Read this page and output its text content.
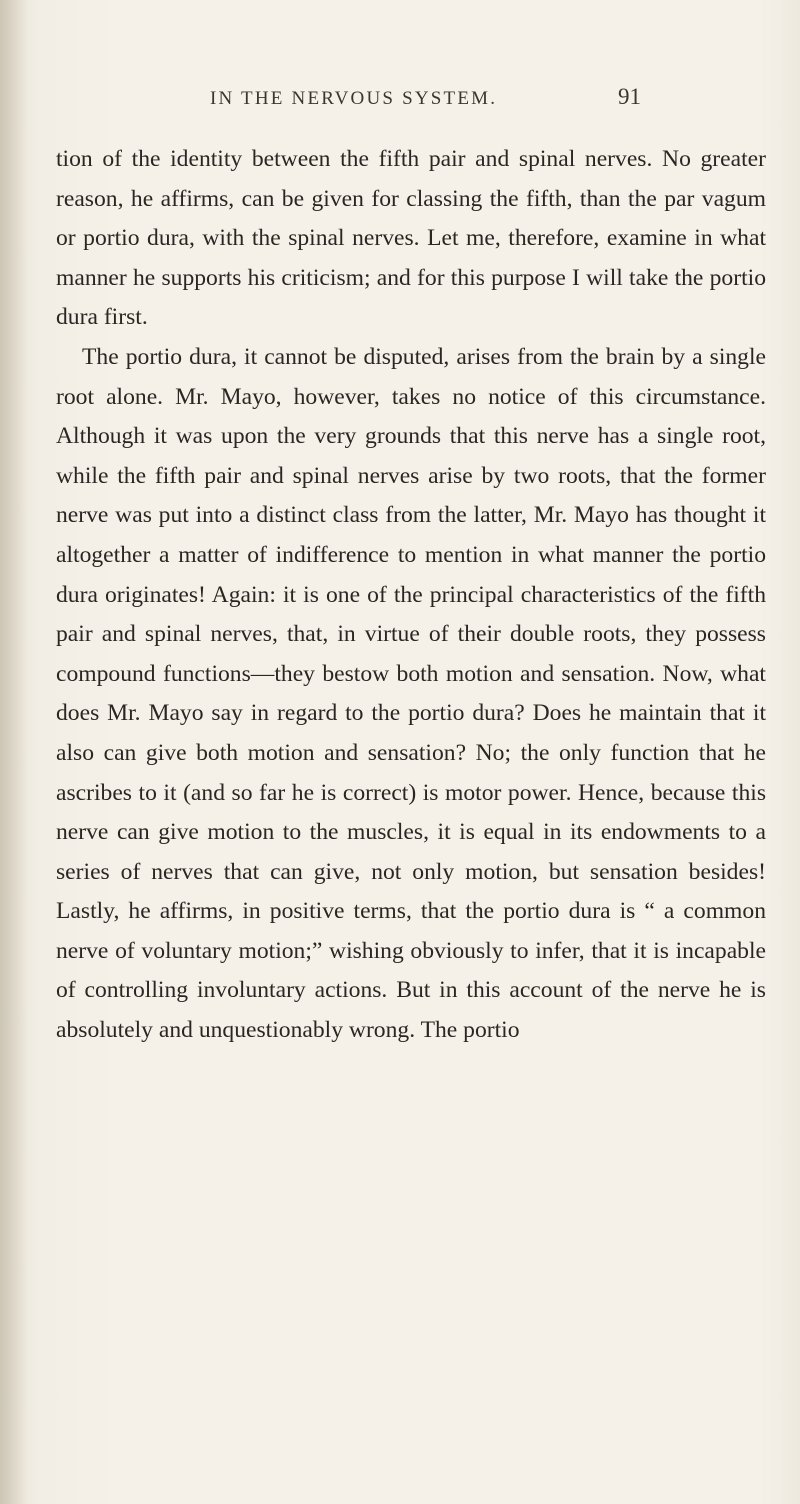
IN THE NERVOUS SYSTEM.	91

tion of the identity between the fifth pair and spinal nerves. No greater reason, he affirms, can be given for classing the fifth, than the par vagum or portio dura, with the spinal nerves. Let me, therefore, examine in what manner he supports his criticism; and for this purpose I will take the portio dura first.

The portio dura, it cannot be disputed, arises from the brain by a single root alone. Mr. Mayo, however, takes no notice of this circumstance. Although it was upon the very grounds that this nerve has a single root, while the fifth pair and spinal nerves arise by two roots, that the former nerve was put into a distinct class from the latter, Mr. Mayo has thought it altogether a matter of indifference to mention in what manner the portio dura originates! Again: it is one of the principal characteristics of the fifth pair and spinal nerves, that, in virtue of their double roots, they possess compound functions—they bestow both motion and sensation. Now, what does Mr. Mayo say in regard to the portio dura? Does he maintain that it also can give both motion and sensation? No; the only function that he ascribes to it (and so far he is correct) is motor power. Hence, because this nerve can give motion to the muscles, it is equal in its endowments to a series of nerves that can give, not only motion, but sensation besides! Lastly, he affirms, in positive terms, that the portio dura is “ a common nerve of voluntary motion;” wishing obviously to infer, that it is incapable of controlling involuntary actions. But in this account of the nerve he is absolutely and unquestionably wrong. The portio
